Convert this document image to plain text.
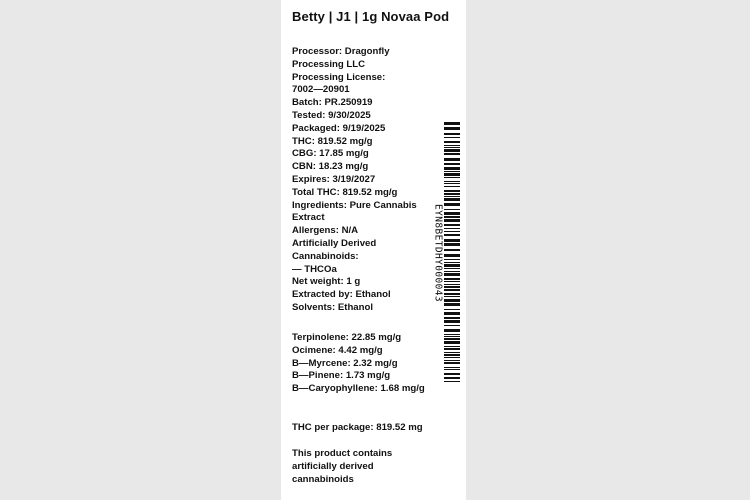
Betty | J1 | 1g Novaa Pod
Processor: Dragonfly
Processing LLC
Processing License:
7002—20901
Batch: PR.250919
Tested: 9/30/2025
Packaged: 9/19/2025
THC: 819.52 mg/g
CBG: 17.85 mg/g
CBN: 18.23 mg/g
Expires: 3/19/2027
Total THC: 819.52 mg/g
Ingredients: Pure Cannabis
Extract
Allergens: N/A
Artificially Derived
Cannabinoids:
— THCOa
Net weight: 1 g
Extracted by: Ethanol
Solvents: Ethanol
Terpinolene: 22.85 mg/g
Ocimene: 4.42 mg/g
B—Myrcene: 2.32 mg/g
B—Pinene: 1.73 mg/g
B—Caryophyllene: 1.68 mg/g
THC per package: 819.52 mg
This product contains
artificially derived
cannabinoids
EYN8BETDHY000043
